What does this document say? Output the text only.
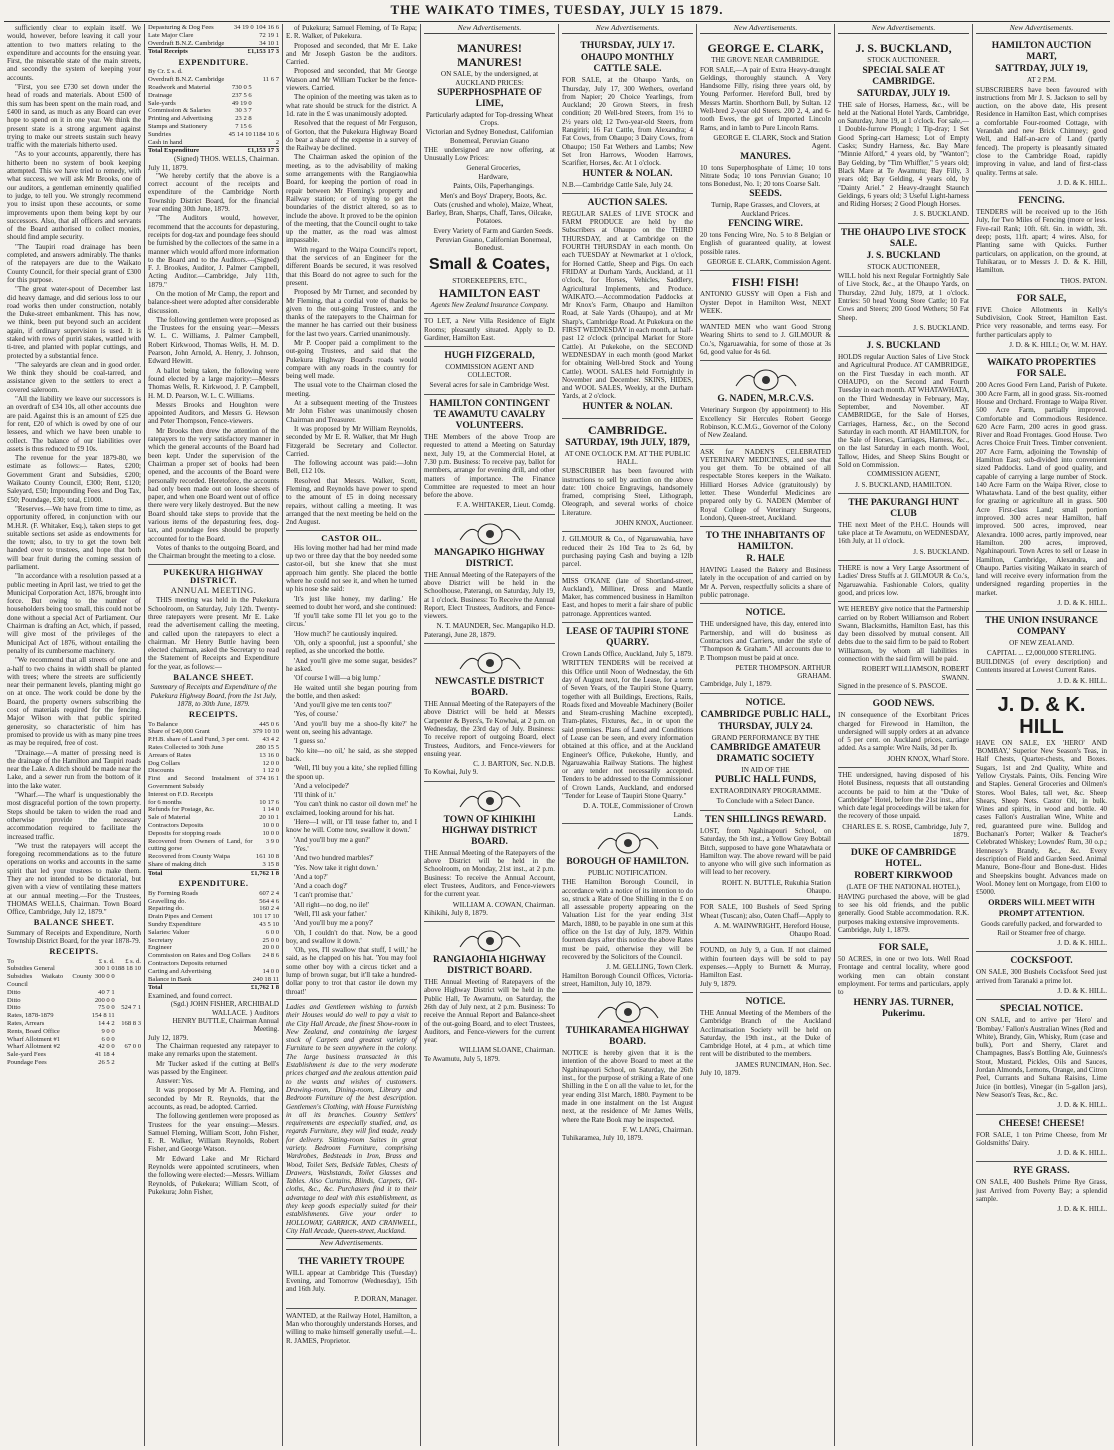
THE WAIKATO TIMES, TUESDAY, JULY 15 1879.

sufficiently clear to explain itself. We would, however, before leaving it call your attention to two matters relating to the expenditure and accounts for the ensuing year. First, the miserable state of the main streets, and secondly the system of keeping your accounts.

"First, you see £730 set down under the head of roads and materials. About £500 of this sum has been spent on the main road, and £400 in sand, as much as any Board can ever hope to spend on it in one year. We think the present state is a strong argument against trying to make our streets sustain such heavy traffic with the materials hitherto used.

"As to your accounts, apparently, there has hitherto been no system of book keeping attempted. This we have tried to remedy, with what success, we will ask Mr Brooks, one of our auditors, a gentleman eminently qualified to judge, to tell you. We strongly recommend you to insist upon these accounts, or some improvements upon them being kept by our successors. Also, that all officers and servants of the Board authorised to collect monies, should find ample security.

"The Taupiri road drainage has been completed, and answers admirably. The thanks of the ratepayers are due to the Waikato County Council, for their special grant of £300 for this purpose.

"The great water-spout of December last did heavy damage, and did serious loss to our road works then under construction, notably the Duke-street embankment. This has now, we think, been put beyond such an accident again, if ordinary supervision is used. It is staked with rows of puriri stakes, wattled with ti-tree, and planted with poplar cuttings, and protected by a substantial fence.

"The saleyards are clean and in good order. We think they should be coal-tarred, and assistance given to the settlers to erect a covered saleroom.

"All the liability we leave our successors is an overdraft of £34 10s, all other accounts due are paid. Against this is an amount of £25 due for rent, £20 of which is owed by one of our lessees, and which we have been unable to collect. The balance of our liabilities over assets is thus reduced to £9 10s.

The revenue for the year 1879-80, we estimate as follows:— Rates, £200; Government Grant and Subsidies, £200; Waikato County Council, £300; Rent, £120; Saleyard, £50; Impounding Fees and Dog Tax, £50; Poundage, £30; total, £1000.

"Reserves.—We have from time to time, as opportunity offered, in conjunction with our M.H.R. (F. Whitaker, Esq.), taken steps to get suitable sections set aside as endowments for the town; also, to try to get the town belt handed over to trustees, and hope that both will bear fruit during the coming session of parliament.

"In accordance with a resolution passed at a public meeting in April last, we tried to get the Municipal Corporation Act, 1876, brought into force. But owing to the number of householders being too small, this could not be done without a special Act of Parliament. Our Chairman is drafting an Act, which, if passed, will give most of the privileges of the Municipal Act of 1876, without entailing the penalty of its cumbersome machinery.

"We recommend that all streets of one and a-half to two chains in width shall be planted with trees; where the streets are sufficiently near their permanent levels, planting might go on at once. The work could be done by the Board, the property owners subscribing the cost of materials required for the fencing. Major Wilson with that public spirited generosity, so characteristic of him has promised to provide us with as many pine trees as may be required, free of cost.

"Drainage.—A matter of pressing need is the drainage of the Hamilton and Taupiri roads near the Lake. A ditch should be made near the Lake, and a sewer run from the bottom of it into the lake water.

"Wharf.—The wharf is unquestionably the most disgraceful portion of the town property. Steps should be taken to widen the road and otherwise provide the necessary accommodation required to facilitate the increased traffic.

"We trust the ratepayers will accept the foregoing recommendations as to the future operations on works and accounts in the same spirit that led your trustees to make them. They are not intended to be dictatorial, but given with a view of ventilating these matters at our annual meeting.—For the Trustees, THOMAS WELLS, Chairman. Town Board Office, Cambridge, July 12, 1879."

BALANCE SHEET.
Summary of Receipts and Expenditure, North Township District Board, for the year 1878-79.
RECEIPTS.
To	£ s. d.	£ s. d.
Subsidies General	300 1 0	188 18 10
Subsidies Waikato County Council	300 0 0	
Ditto	40 7 1	
Ditto	200 0 0	
Ditto	75 0 0	524 7 1
Rates, 1878-1879	154 8 11	
Rates, Arrears	14 4 2	168 8 3
Rents, Board Office	9 0 0	
Wharf Allotment #1	6 0 0	
Wharf Allotment #2	42 0 0	67 0 0
Sale-yard Fees	41 18 4	
Poundage Fees	26 5 2	
Depasturing & Dog Fees	34 19 0	104 16 6
Late Major Clare		72 19 1
Overdraft B.N.Z. Cambridge		34 10 1
Total Receipts		£1,153 17 3
EXPENDITURE.
By Cr. £ s. d.		
Overdraft B.N.Z. Cambridge		11 6 7
Roadwork and Material	730 0 5	
Drainage	237 5 6	
Sale-yards	49 19 0	
Commission & Salaries	30 3 7	
Printing and Advertising	23 2 8	
Stamps and Stationery	7 15 6	
Sundries	45 14 10	1184 10 6
Cash in hand		2
Total Expenditure		£1,153 17 3
(Signed) THOS. WELLS, Chairman.
July 11, 1879.

"We hereby certify that the above is a correct account of the receipts and expenditure of the Cambridge North Township District Board, for the financial year ending 30th June, 1879.

"The Auditors would, however, recommend that the accounts for depasturing, receipts for dog-tax and poundage fees should be furnished by the collectors of the same in a manner which would afford more information to the Board and to the Auditors.—(Signed) F. J. Brookes, Auditor, J. Palmer Campbell, Acting Auditor.—Cambridge, July 11th, 1879."

On the motion of Mr Camp, the report and balance-sheet were adopted after considerable discussion.

The following gentlemen were proposed as the Trustees for the ensuing year:—Messrs W. L. C. Williams, J. Palmer Campbell, Robert Kirkwood, Thomas Wells, H. M. D. Pearson, John Arnold, A. Henry, J. Johnson, Edward Hewitt.

A ballot being taken, the following were found elected by a large majority:—Messrs Thomas Wells, R. Kirkwood, J. P. Campbell, H. M. D. Pearson, W. L. C. Williams.

Messrs Brooks and Houghton were appointed Auditors, and Messrs G. Hewson and Peter Thompson, Fence-viewers.

Mr Brooks then drew the attention of the ratepayers to the very satisfactory manner in which the general accounts of the Board had been kept. Under the supervision of the Chairman a proper set of books had been opened, and the accounts of the Board were personally recorded. Heretofore, the accounts had only been made out on loose sheets of paper, and when one Board went out of office there were very likely destroyed. But the new Board should take steps to provide that the various items of the depasturing fees, dog-tax, and poundage fees should be properly accounted for to the Board.

Votes of thanks to the outgoing Board, and the Chairman brought the meeting to a close.

PUKEKURA HIGHWAY DISTRICT.
ANNUAL MEETING.

THIS meeting was held in the Pukekura Schoolroom, on Saturday, July 12th. Twenty-three ratepayers were present. Mr E. Lake read the advertisement calling the meeting, and called upon the ratepayers to elect a chairman. Mr Henry Buttle having been elected chairman, asked the Secretary to read the Statement of Receipts and Expenditure for the year, as follows:—

BALANCE SHEET.
Summary of Receipts and Expenditure of the Pukekura Highway Board, from the 1st July, 1878, to 30th June, 1879.
RECEIPTS.
To Balance		445 0 6
Share of £40,000 Grant		379 10 10
P.H.B. share of Land Fund, 3 per cent.		43 4 2
Rates Collected to 30th June		280 15 5
Arrears of Rates		13 16 0
Dog Collars		12 0 0
Discounts		1 12 0
First and Second Instalment of Government Subsidy		374 16 1
Interest on F.D. Receipts		
for 6 months		10 17 6
Refunds for Postage, &c.		1 14 0
Sale of Material		20 10 1
Contractors Deposits		10 0 0
Deposits for stopping roads		10 0 0
Recovered from Owners of Land, for cutting gorse		3 9 0
Recovered from County Waipa		161 10 8
Share of making ditch		3 15 8
Total		£1,762 1 8
EXPENDITURE.
By Forming Roads		607 2 4
Gravelling do.		564 4 6
Repairing do.		160 2 4
Drain Pipes and Cement		101 17 10
Sundry Expenditure		43 5 10
Salaries: Valuer		6 0 0
Secretary		25 0 0
Engineer		20 0 0
Commission on Rates and Dog Collars		24 8 6
Contractors Deposits returned		
Carting and Advertising		14 0 0
Balance in Bank		240 18 11
Total		£1,762 1 8
Examined, and found correct.
(Sgd.) JOHN FISHER, ARCHIBALD WALLACE. } Auditors
HENRY BUTTLE, Chairman Annual Meeting.
July 12, 1879.

The Chairman requested any ratepayer to make any remarks upon the statement.

Mr Tucker asked if the cutting at Bell's was passed by the Engineer.

Answer: Yes.

It was proposed by Mr A. Fleming, and seconded by Mr R. Reynolds, that the accounts, as read, be adopted. Carried.

The following gentlemen were proposed as Trustees for the year ensuing:—Messrs. Samuel Fleming, William Scott, John Fisher, E. R. Walker, William Reynolds, Robert Fisher, and George Watson.

Mr Edward Lake and Mr Richard Reynolds were appointed scrutineers, when the following were elected:—Messrs. William Reynolds, of Pukekura; William Scott, of Pukekura; John Fisher,

of Pukekura; Samuel Fleming, of Te Rapa; E. R. Walker, of Pukekura.

Proposed and seconded, that Mr E. Lake and Mr Joseph Gaston be the auditors. Carried.

Proposed and seconded, that Mr George Watson and Mr William Tucker be the fence-viewers. Carried.

The opinion of the meeting was taken as to what rate should be struck for the district. A 1d. rate in the £ was unanimously adopted.

Resolved that the request of Mr Ferguson, of Gorton, that the Pukekura Highway Board do bear a share of the expense in a survey of the Railway be declined.

The Chairman asked the opinion of the meeting, as to the advisability of making some arrangements with the Rangiaowhia Board, for keeping the portion of road in repair between Mr Fleming's property and Railway station; or of trying to get the boundaries of the district altered, so as to include the above. It proved to be the opinion of the meeting, that the Council ought to take up the matter, as the road was almost impassable.

With regard to the Waipa Council's report, that the services of an Engineer for the different Boards be secured, it was resolved that this Board do not agree to such for the present.

Proposed by Mr Turner, and seconded by Mr Fleming, that a cordial vote of thanks be given to the out-going Trustees, and the thanks of the ratepayers to the Chairman for the manner he has carried out their business for the last two years. Carried unanimously.

Mr P. Cooper paid a compliment to the out-going Trustees, and said that the Pukekura Highway Board's roads would compare with any roads in the country for being well made.

The usual vote to the Chairman closed the meeting.

At a subsequent meeting of the Trustees Mr John Fisher was unanimously chosen Chairman and Treasurer.

It was proposed by Mr William Reynolds, seconded by Mr E. R. Walker, that Mr Hugh Fitzgerald be Secretary and Collector. Carried.

The following account was paid:—John Bell, £12 10s.

Resolved that Messrs. Walker, Scott, Fleming, and Reynolds have power to spend to the amount of £5 in doing necessary repairs, without calling a meeting. It was arranged that the next meeting be held on the 2nd August.

CASTOR OIL.

His loving mother had had her mind made up two or three day that the boy needed some castor-oil, but she knew that she must approach him gently. She placed the bottle where he could not see it, and when he turned up his nose she said:

'It's just like honey, my darling.' He seemed to doubt her word, and she continued:

'If you'll take some I'll let you go to the circus.'

'How much?' he cautiously inquired.

'Oh, only a spoonful, just a spoonful,' she replied, as she uncorked the bottle.

'And you'll give me some sugar, besides?' he asked.

'Of course I will—a big lump.'

He waited until she began pouring from the bottle, and then asked:

'And you'll give me ten cents too?'

'Yes, of course.'

'And you'll buy me a shoo-fly kite?' he went on, seeing his advantage.

'I guess so.'

'No kite—no oil,' he said, as she stepped back.

'Well, I'll buy you a kite,' she replied filling the spoon up.

'And a velocipede?'

'I'll think of it.'

'You can't think no castor oil down me!' he exclaimed, looking around for his hat.

'Here—I will, or I'll tease father to, and I know he will. Come now, swallow it down.'

'And you'll buy me a gun?'

'Yes.'

'And two hundred marbles?'

'Yes. Now take it right down.'

'And a top?'

'And a coach dog?'

'I can't promise that.'

'All right—no dog, no ile!'

'Well, I'll ask your father.'

'And you'll buy me a pony?'

'Oh, I couldn't do that. Now, be a good boy, and swallow it down.'

'Oh, yes, I'll swallow that stuff, I will,' he said, as he clapped on his hat. 'You may fool some other boy with a circus ticket and a lump of brown sugar, but it'll take a hundred-dollar pony to trot that castor ile down my throat!'

Ladies and Gentlemen wishing to furnish their Houses would do well to pay a visit to the City Hall Arcade, the finest Show-room in New Zealand, and containing the largest stock of Carpets and greatest variety of Furniture to be seen anywhere in the colony. The large business transacted in this Establishment is due to the very moderate prices charged and the zealous attention paid to the wants and wishes of customers. Drawing-room, Dining-room, Library and Bedroom Furniture of the best description. Gentlemen's Clothing, with House Furnishing in all its branches. Country Settlers' requirements are especially studied, and, as regards Furniture, they will find made, ready for delivery. Sitting-room Suites in great variety. Bedroom Furniture, comprising Wardrobes, Bedsteads in Iron, Brass and Wood, Toilet Sets, Bedside Tables, Chests of Drawers, Washstands, Toilet Glasses and Tables. Also Curtains, Blinds, Carpets, Oil-cloths, &c., &c. Purchasers find it to their advantage to deal with this establishment, as they keep goods especially suited for their establishments. Give your order to HOLLOWAY, GARRICK, AND CRANWELL, City Hall Arcade, Queen-street, Auckland.
New Advertisements.
THE VARIETY TROUPE
WILL appear at Cambridge This (Tuesday) Evening, and Tomorrow (Wednesday), 15th and 16th July.
P. DORAN, Manager.
WANTED, at the Railway Hotel, Hamilton, a Man who thoroughly understands Horses, and willing to make himself generally useful.—L. R. JAMES, Proprietor.
New Advertisements.
MANURES! MANURES!
ON SALE, by the undersigned, at AUCKLAND PRICES:
SUPERPHOSPHATE OF LIME,
Particularly adapted for Top-dressing Wheat Crops.
Victorian and Sydney Bonedust, Californian Bonemeal, Peruvian Guano
THE undersigned are now offering, at Unusually Low Prices:

General Groceries,

Hardware,

Paints, Oils, Paperhangings.

Men's and Boys' Drapery, Boots, &c.

Oats (crushed and whole), Maize, Wheat, Barley, Bran, Sharps, Chaff, Tares, Oilcake, Potatoes.

Every Variety of Farm and Garden Seeds.

Peruvian Guano, Californian Bonemeal, Bonedust.

Small & Coates,
STOREKEEPERS, ETC.,
HAMILTON EAST
Agents New Zealand Insurance Company.
TO LET, a New Villa Residence of Eight Rooms; pleasantly situated. Apply to D. Gardiner, Hamilton East.
HUGH FIZGERALD,
COMMISSION AGENT AND COLLECTOR.
Several acres for sale in Cambridge West.
HAMILTON CONTINGENT TE AWAMUTU CAVALRY VOLUNTEERS.
THE Members of the above Troop are requested to attend a Meeting on Saturday next, July 19, at the Commercial Hotel, at 7.30 p.m. Business: To receive pay, ballot for members, arrange for evening drill, and other matters of importance. The Finance Committee are requested to meet an hour before the above.
F. A. WHITAKER, Lieut. Comdg.
MANGAPIKO HIGHWAY DISTRICT.
THE Annual Meeting of the Ratepayers of the above District will be held in the Schoolhouse, Paterangi, on Saturday, July 19, at 1 o'clock. Business: To Receive the Annual Report, Elect Trustees, Auditors, and Fence-viewers.
N. T. MAUNDER, Sec. Mangapiko H.D.
Paterangi, June 28, 1879.
NEWCASTLE DISTRICT BOARD.
THE Annual Meeting of the Ratepayers of the above District will be held at Messrs Carpenter & Byers's, Te Kowhai, at 2 p.m. on Wednesday, the 23rd day of July. Business: To receive report of outgoing Board, elect Trustees, Auditors, and Fence-viewers for ensuing year.
C. J. BARTON, Sec. N.D.B.
To Kowhai, July 9.
TOWN OF KIHIKIHI HIGHWAY DISTRICT BOARD.
THE Annual Meeting of the Ratepayers of the above District will be held in the Schoolroom, on Monday, 21st inst., at 2 p.m. Business: To receive the Annual Account, elect Trustees, Auditors, and Fence-viewers for the current year.
WILLIAM A. COWAN, Chairman.
Kihikihi, July 8, 1879.
RANGIAOHIA HIGHWAY DISTRICT BOARD.
THE Annual Meeting of Ratepayers of the above Highway District will be held in the Public Hall, Te Awamutu, on Saturday, the 26th day of July next, at 2 p.m. Business: To receive the Annual Report and Balance-sheet of the out-going Board, and to elect Trustees, Auditors, and Fence-viewers for the current year.
WILLIAM SLOANE, Chairman.
Te Awamutu, July 5, 1879.
New Advertisements.
THURSDAY, JULY 17.
OHAUPO MONTHLY CATTLE SALE.
FOR SALE, at the Ohaupo Yards, on Thursday, July 17, 300 Wethers, overland from Napier; 20 Choice Yearlings, from Auckland; 20 Grown Steers, in fresh condition; 20 Well-bred Steers, from 1½ to 2½ years old; 12 Two-year-old Steers, from Rangiriri; 16 Fat Cattle, from Alexandra; 4 Fat Cows, from Ohaupo; 3 Dairy Cows, from Ohaupo; 150 Fat Wethers and Lambs; New Set Iron Harrows, Wooden Harrows, Scarifier, Horses, &c. At 1 o'clock.
HUNTER & NOLAN.
N.B.—Cambridge Cattle Sale, July 24.
AUCTION SALES.
REGULAR SALES of LIVE STOCK and FARM PRODUCE are held by the Subscribers at Ohaupo on the THIRD THURSDAY, and at Cambridge on the FOURTH THURSDAY in each month. On each TUESDAY at Newmarket at 1 o'clock, for Horned Cattle, Sheep and Pigs. On each FRIDAY at Durham Yards, Auckland, at 11 o'clock, for Horses, Vehicles, Saddlery, Agricultural Implements, and Produce. WAIKATO.—Accommodation Paddocks at Mr Knox's Farm, Ohaupo and Hamilton Road, at Sale Yards (Ohaupo), and at Mr Sharp's, Cambridge Road. At Pukekura on the FIRST WEDNESDAY in each month, at half-past 12 o'clock (principal Market for Store Cattle). At Pukekohe, on the SECOND WEDNESDAY in each month (good Market for obtaining Well-bred Stock and Young Cattle). WOOL SALES held Fortnightly in November and December. SKINS, HIDES, and WOOL SALES, Weekly, at the Durham Yards, at 2 o'clock.
HUNTER & NOLAN.
CAMBRIDGE.
SATURDAY, 19th JULY, 1879,
AT ONE O'CLOCK P.M. AT THE PUBLIC HALL.
SUBSCRIBER has been favoured with instructions to sell by auction on the above date: 100 choice Engravings, handsomely framed, comprising Steel, Lithograph, Oleograph, and several works of choice Literature.
JOHN KNOX, Auctioneer.
J. GILMOUR & Co., of Ngaruawahia, have reduced their 2s 10d Tea to 2s 6d, by purchasing paying Cash and buying a 12lb parcel.
MISS O'KANE (late of Shortland-street, Auckland), Milliner, Dress and Mantle Maker, has commenced business in Hamilton East, and hopes to merit a fair share of public patronage. Apprentices wanted.
LEASE OF TAUPIRI STONE QUARRY.
Crown Lands Office, Auckland, July 5, 1879.
WRITTEN TENDERS will be received at this Office until Noon of Wednesday, the 6th day of August next, for the Lease, for a term of Seven Years, of the Taupiri Stone Quarry, together with all Buildings, Erections, Rails, Roads fixed and Moveable Machinery (Boiler and Steam-crushing Machine excepted), Tram-plates, Fixtures, &c., in or upon the said premises. Plans of Land and Conditions of Lease can be seen, and every information obtained at this office, and at the Auckland Engineer's Office, Pukekohe, Huntly, and Ngaruawahia Railway Stations. The highest or any tender not necessarily accepted. Tenders to be addressed to the Commissioner of Crown Lands, Auckland, and endorsed "Tender for Lease of Taupiri Stone Quarry."
D. A. TOLE, Commissioner of Crown Lands.
BOROUGH OF HAMILTON.
PUBLIC NOTIFICATION.
THE Hamilton Borough Council, in accordance with a notice of its intention to do so, struck a Rate of One Shilling in the £ on all assessable property appearing on the Valuation List for the year ending 31st March, 1880, to be payable in one sum at this office on the 1st day of July, 1879. Within fourteen days after this notice the above Rates must be paid, otherwise they will be recovered by the Solicitors of the Council.
J. M. GELLING, Town Clerk.
Hamilton Borough Council Offices, Victoria-street, Hamilton, July 10, 1879.
TUHIKARAMEA HIGHWAY BOARD.
NOTICE is hereby given that it is the intention of the above Board to meet at the Ngahinapouri School, on Saturday, the 26th inst., for the purpose of striking a Rate of one Shilling in the £ on all the value to let, for the year ending 31st March, 1880. Payment to be made in one instalment on the 1st August next, at the residence of Mr James Wells, where the Rate Book may be inspected.
F. W. LANG, Chairman.
Tuhikaramea, July 10, 1879.
New Advertisements.
GEORGE E. CLARK,
THE GROVE NEAR CAMBRIDGE.
FOR SALE,—A pair of Extra Heavy-draught Geldings, thoroughly staunch. A Very Handsome Filly, rising three years old, by Young Performer. Hereford Bull, bred by Messrs Martin. Shorthorn Bull, by Sultan. 12 Well-bred 2-year old Steers. 200 2, 4, and 6-tooth Ewes, the get of Imported Lincoln Rams, and in lamb to Pure Lincoln Rams.
GEORGE E. CLARK, Stock and Station Agent.
MANURES.
10 tons Superphosphate of Lime; 10 tons Nitrate Soda; 10 tons Peruvian Guano; 10 tons Bonedust, No. 1; 20 tons Coarse Salt.
SEEDS.
Turnip, Rape Grasses, and Clovers, at Auckland Prices.
FENCING WIRE.
20 tons Fencing Wire, No. 5 to 8 Belgian or English of guaranteed quality, at lowest possible rates.
GEORGE E. CLARK, Commission Agent.
FISH! FISH!
ANTONIO GUSSY will Open a Fish and Oyster Depot in Hamilton West, NEXT WEEK.
WANTED MEN who want Good Strong Wearing Shirts to send to J. GILMOUR & Co.'s, Ngaruawahia, for some of those at 3s 6d, good value for 4s 6d.
G. NADEN, M.R.C.V.S.
Veterinary Surgeon (by appointment) to His Excellency Sir Hercules Robert George Robinson, K.C.M.G., Governor of the Colony of New Zealand.
ASK for NADEN'S CELEBRATED VETERINARY MEDICINES, and see that you get them. To be obtained of all respectable Stores keepers in the Waikato. Hilliard Horses Advice (gratuitously) by letter. These Wonderful Medicines are prepared only by G. NADEN (Member of Royal College of Veterinary Surgeons, London), Queen-street, Auckland.
TO THE INHABITANTS OF HAMILTON.
R. HALE
HAVING Leased the Bakery and Business lately in the occupation of and carried on by Mr A. Perven, respectfully solicits a share of public patronage.
NOTICE.
THE undersigned have, this day, entered into Partnership, and will do business as Contractors and Carriers, under the style of "Thompson & Graham." All accounts due to P. Thompson must be paid at once.
PETER THOMPSON. ARTHUR GRAHAM.
Cambridge, July 1, 1879.
NOTICE.
CAMBRIDGE PUBLIC HALL,
THURSDAY, JULY 24.
GRAND PERFORMANCE BY THE
CAMBRIDGE AMATEUR DRAMATIC SOCIETY
IN AID OF THE
PUBLIC HALL FUNDS,
EXTRAORDINARY PROGRAMME.
To Conclude with a Select Dance.
TEN SHILLINGS REWARD.
LOST, from Ngahinapouri School, on Saturday, the 5th inst., a Yellow Grey Bobtail Bitch, supposed to have gone Whatawhata or Hamilton way. The above reward will be paid to anyone who will give such information as will lead to her recovery.
ROHT. N. BUTTLE, Rukuhia Station Ohaupo.
FOR SALE, 100 Bushels of Seed Spring Wheat (Tuscan); also, Oaten Chaff—Apply to
A. M. WAINWRIGHT, Hereford House, Ohaupo Road.
FOUND, on July 9, a Gun. If not claimed within fourteen days will be sold to pay expenses.—Apply to Burnett & Murray, Hamilton East.
July 9, 1879.
NOTICE.
THE Annual Meeting of the Members of the Cambridge Branch of the Auckland Acclimatisation Society will be held on Saturday, the 19th inst., at the Duke of Cambridge Hotel, at 4 p.m., at which time rent will be distributed to the members.
JAMES RUNCIMAN, Hon. Sec.
July 10, 1879.
New Advertisements.
J. S. BUCKLAND,
STOCK AUCTIONEER.
SPECIAL SALE AT CAMBRIDGE.
SATURDAY, JULY 19.
THE sale of Horses, Harness, &c., will be held at the National Hotel Yards, Cambridge, on Saturday, June 19, at 1 o'clock. For sale,—1 Double-furrow Plough; 1 Tip-dray; 1 Set Good Spring-cart Harness; Lot of Empty Casks; Sundry Harness, &c. Bay Mare "Minnie Alford," 4 years old, by "Wanton"; Bay Gelding, by "Tim Whiffler," 5 years old; Black Mare at Te Awamutu; Bay Filly, 3 years old; Bay Gelding, 4 years old, by "Dainty Ariel." 2 Heavy-draught Staunch Geldings, 6 years old; 3 Useful Light-harness and Riding Horses; 2 Good Plough Horses.
J. S. BUCKLAND.
THE OHAUPO LIVE STOCK SALE.
J. S. BUCKLAND
STOCK AUCTIONEER,
WILL hold his next Regular Fortnightly Sale of Live Stock, &c., at the Ohaupo Yards, on Thursday, 22nd July, 1879, at 1 o'clock. Entries: 50 head Young Store Cattle; 10 Fat Cows and Steers; 200 Good Wethers; 50 Fat Sheep.
J. S. BUCKLAND.
J. S. BUCKLAND
HOLDS regular Auction Sales of Live Stock and Agricultural Produce. AT CAMBRIDGE, on the First Tuesday in each month. AT OHAUPO, on the Second and Fourth Tuesday in each month. AT WHATAWHATA, on the Third Wednesday in February, May, September, and November. AT CAMBRIDGE, for the Sale of Horses, Carriages, Harness, &c., on the Second Saturday in each month. AT HAMILTON, for the Sale of Horses, Carriages, Harness, &c., on the last Saturday in each month. Wool, Tallow, Hides, and Sheep Skins Bought or Sold on Commission.
COMMISSION AGENT,
J. S. BUCKLAND, HAMILTON.
THE PAKURANGI HUNT CLUB
THE next Meet of the P.H.C. Hounds will take place at Te Awamutu, on WEDNESDAY, 16th July, at 11 o'clock.
J. S. BUCKLAND.
THERE is now a Very Large Assortment of Ladies' Dress Stuffs at J. GILMOUR & Co.'s, Ngaruawahia. Fashionable Colors, quality good, and prices low.
WE HEREBY give notice that the Partnership carried on by Robert Williamson and Robert Swann, Blacksmiths, Hamilton East, has this day been dissolved by mutual consent. All debts due to the said firm to be paid to Robert Williamson, by whom all liabilities in connection with the said firm will be paid.
ROBERT WILLIAMSON, ROBERT SWANN.
Signed in the presence of S. PASCOE.
GOOD NEWS.
IN consequence of the Exorbitant Prices charged for Firewood in Hamilton, the undersigned will supply orders at an advance of 5 per cent. on Auckland prices, carriage added. As a sample: Wire Nails, 3d per lb.
JOHN KNOX, Wharf Store.
THE undersigned, having disposed of his Hotel Business, requests that all outstanding accounts be paid to him at the "Duke of Cambridge" Hotel, before the 21st inst., after which date legal proceedings will be taken for the recovery of those unpaid.
CHARLES E. S. ROSE, Cambridge, July 7, 1879.
DUKE OF CAMBRIDGE HOTEL.
ROBERT KIRKWOOD
(LATE OF THE NATIONAL HOTEL),
HAVING purchased the above, will be glad to see his old friends, and the public generally. Good Stable accommodation. R.K. purposes making extensive improvements.
Cambridge, July 1, 1879.
FOR SALE,
50 ACRES, in one or two lots. Well Road Frontage and central locality, where good working men can obtain constant employment. For terms and particulars, apply to
HENRY JAS. TURNER, Pukerimu.
New Advertisements.
HAMILTON AUCTION MART,
SATTRDAY, JULY 19,
AT 2 P.M.
SUBSCRIBERS have been favoured with instructions from Mr J. S. Jackson to sell by auction, on the above date, His present Residence in Hamilton East, which comprises a comfortable Four-roomed Cottage, with Verandah and new Brick Chimney; good Well, and Half-an-acre of Land (partly fenced). The property is pleasantly situated close to the Cambridge Road, rapidly improving in value, and land of first-class quality. Terms at sale.
J. D. & K. HILL.
FENCING.
TENDERS will be received up to the 16th July, for Two Miles of Fencing (more or less. Five-rail Rank; 10ft. 6ft. 6in. in width, 3ft. deep; posts, 11ft. apart; 4 wires. Also, for Planting same with Quicks. Further particulars, on application, on the ground, at Tuhikarau, or to Messrs J. D. & K. Hill, Hamilton.
THOS. PATON.
FOR SALE,
FIVE Choice Allotments in Kelly's Subdivision, Cook Street, Hamilton East. Price very reasonable, and terms easy. For further particulars apply to
J. D. & K. HILL; Or, W. M. HAY.
WAIKATO PROPERTIES FOR SALE.
200 Acres Good Fern Land, Parish of Pukete. 300 Acre Farm, all in good grass. Six-roomed House and Orchard. Frontage to Waipa River. 500 Acre Farm, partially improved. Comfortable and Commodious Residence. 620 Acre Farm, 200 acres in good grass. River and Road Frontages. Good House. Two Acres Choice Fruit Trees. Timber convenient. 207 Acre Farm, adjoining the Township of Hamilton East; sub-divided into convenient sized Paddocks. Land of good quality, and capable of carrying a large number of Stock. 140 Acre Farm on the Waipa River, close to Whatawhata. Land of the best quality, either for grazing or agriculture all in grass. 500 Acre First-class Land; small portion improved. 300 acres near Hamilton, half improved. 500 acres, improved, near Alexandra. 1000 acres, partly improved, near Hamilton. 200 acres, improved, Ngahinapouri. Town Acres to sell or Lease in Hamilton, Cambridge, Alexandra, and Ohaupo. Parties visiting Waikato in search of land will receive every information from the undersigned regarding properties in the market.
J. D. & K. HILL.
THE UNION INSURANCE COMPANY
OF NEW ZEALAND.
CAPITAL ... £2,000,000 STERLING.
BUILDINGS (of every description) and Contents insured at Lowest Current Rates.
J. D. & K. HILL.
J. D. & K. HILL
HAVE ON SALE, EX 'HERO' AND 'BOMBAY,' Superior New Season's Teas, in Half Chests, Quarter-chests, and Boxes. Sugars, 1st and 2nd Quality, White and Yellow Crystals. Paints, Oils. Fencing Wire and Staples. General Groceries and Oilmen's Stores. Wool Bales, tall wet, &c. Sheep Shears, Sheep Nets. Castor Oil, in bulk. Wines and spirits, in wood and bottle. 40 cases Fallon's Australian Wine, White and red, guaranteed pure wine. Bulldog and Buchanan's Porter; Walker & Teacher's Celebrated Whiskey; Lowndes' Rum, 30 o.p.; Hennessy's Brandy, &c., &c. Every description of Field and Garden Seed. Animal Manure, Bone-flour and Bone-dust. Hides and Sheepskins bought. Advances made on Wool. Money lent on Mortgage, from £100 to £5000.
ORDERS WILL MEET WITH PROMPT ATTENTION.
Goods carefully packed, and forwarded to Rail or Steamer free of charge.
J. D. & K. HILL.
COCKSFOOT.
ON SALE, 300 Bushels Cocksfoot Seed just arrived from Taranaki a prime lot.
J. D. & K. HILL.
SPECIAL NOTICE.
ON SALE, and to arrive per 'Hero' and 'Bombay.' Fallon's Australian Wines (Red and White), Brandy, Gin, Whisky, Rum (case and bulk), Port and Sherry, Claret and Champagnes, Bass's Bottling Ale, Guinness's Stout, Mustard, Pickles, Oils and Sauces, Jordan Almonds, Lemons, Orange, and Citron Peel, Currants and Sultana Raisins, Lime Juice (in bottles), Vinegar (in 5-gallon jars), New Season's Teas, &c., &c.
J. D. & K. HILL.
CHEESE! CHEESE!
FOR SALE, 1 ton Prime Cheese, from Mr Goldsmiths' Dairy.
J. D. & K. HILL.
RYE GRASS.
ON SALE, 400 Bushels Prime Rye Grass, just Arrived from Poverty Bay; a splendid sample.
J. D. & K. HILL.
